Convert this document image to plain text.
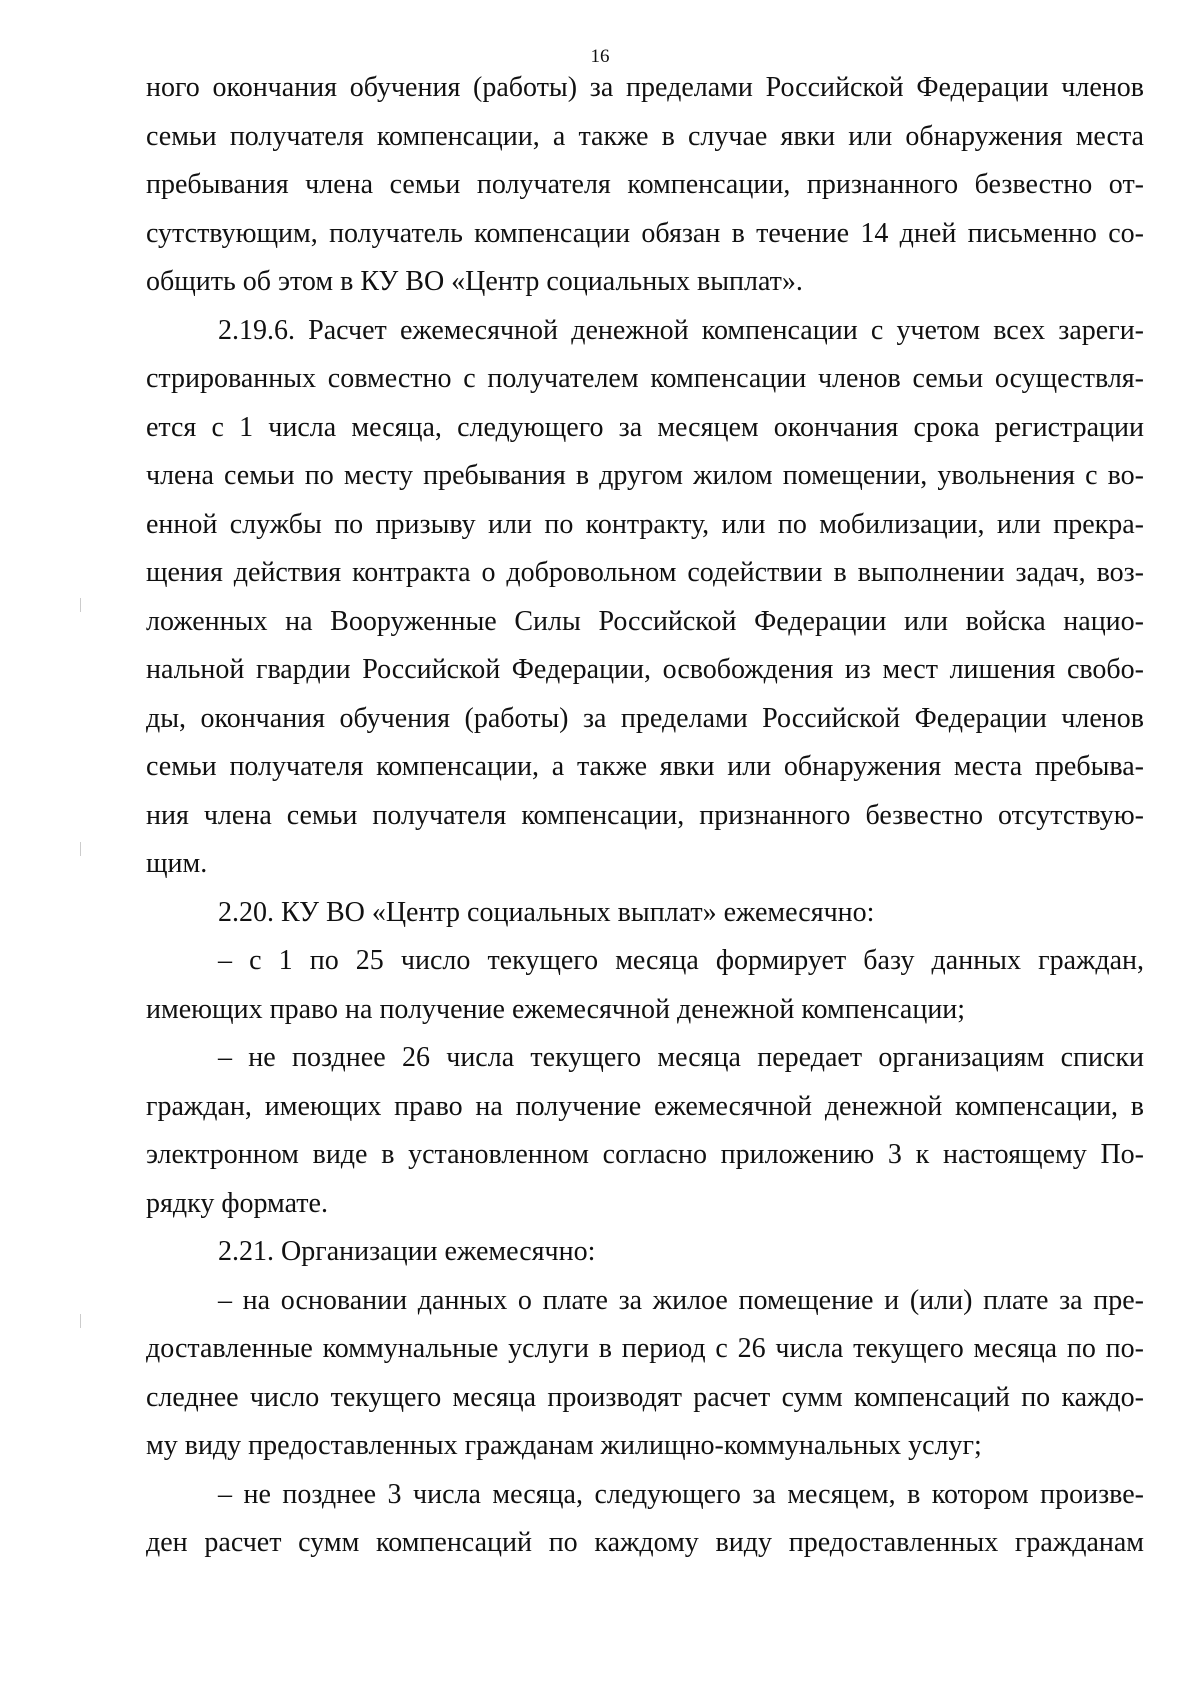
16

ного окончания обучения (работы) за пределами Российской Федерации членов
семьи получателя компенсации, а также в случае явки или обнаружения места
пребывания члена семьи получателя компенсации, признанного безвестно от-
сутствующим, получатель компенсации обязан в течение 14 дней письменно со-
общить об этом в КУ ВО «Центр социальных выплат».

2.19.6. Расчет ежемесячной денежной компенсации с учетом всех зареги-
стрированных совместно с получателем компенсации членов семьи осуществля-
ется с 1 числа месяца, следующего за месяцем окончания срока регистрации
члена семьи по месту пребывания в другом жилом помещении, увольнения с во-
енной службы по призыву или по контракту, или по мобилизации, или прекра-
щения действия контракта о добровольном содействии в выполнении задач, воз-
ложенных на Вооруженные Силы Российской Федерации или войска нацио-
нальной гвардии Российской Федерации, освобождения из мест лишения свобо-
ды, окончания обучения (работы) за пределами Российской Федерации членов
семьи получателя компенсации, а также явки или обнаружения места пребыва-
ния члена семьи получателя компенсации, признанного безвестно отсутствую-
щим.

2.20. КУ ВО «Центр социальных выплат» ежемесячно:

– с 1 по 25 число текущего месяца формирует базу данных граждан,
имеющих право на получение ежемесячной денежной компенсации;

– не позднее 26 числа текущего месяца передает организациям списки
граждан, имеющих право на получение ежемесячной денежной компенсации, в
электронном виде в установленном согласно приложению 3 к настоящему По-
рядку формате.

2.21. Организации ежемесячно:

– на основании данных о плате за жилое помещение и (или) плате за пре-
доставленные коммунальные услуги в период с 26 числа текущего месяца по по-
следнее число текущего месяца производят расчет сумм компенсаций по каждо-
му виду предоставленных гражданам жилищно-коммунальных услуг;

– не позднее 3 числа месяца, следующего за месяцем, в котором произве-
ден расчет сумм компенсаций по каждому виду предоставленных гражданам
